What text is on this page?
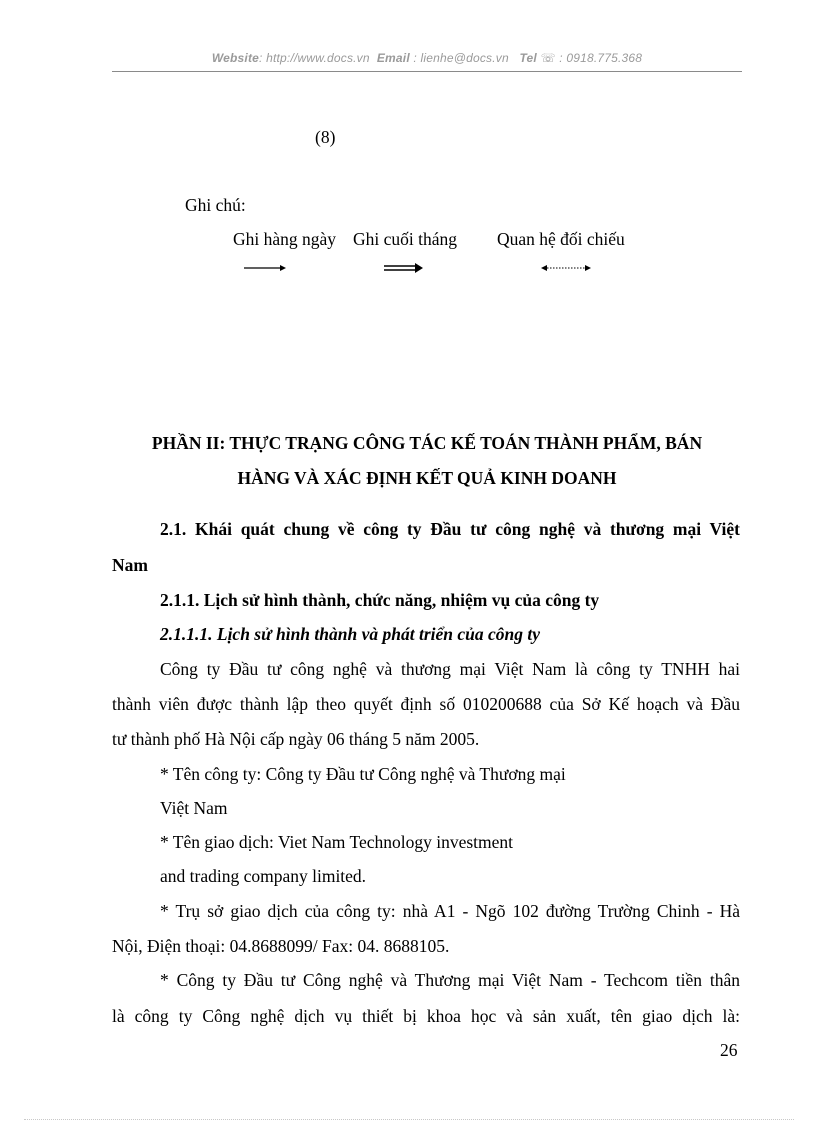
Website: http://www.docs.vn Email : lienhe@docs.vn Tel ☏ : 0918.775.368
(8)
Ghi chú:
Ghi hàng ngày Ghi cuối tháng Quan hệ đối chiếu
PHẦN II: THỰC TRẠNG CÔNG TÁC KẾ TOÁN THÀNH PHẨM, BÁN
HÀNG VÀ XÁC ĐỊNH KẾT QUẢ KINH DOANH
2.1. Khái quát chung về công ty Đầu tư công nghệ và thương mại Việt
Nam
2.1.1. Lịch sử hình thành, chức năng, nhiệm vụ của công ty
2.1.1.1. Lịch sử hình thành và phát triển của công ty
Công ty Đầu tư công nghệ và thương mại Việt Nam là công ty TNHH hai
thành viên được thành lập theo quyết định số 010200688 của Sở Kế hoạch và Đầu
tư thành phố Hà Nội cấp ngày 06 tháng 5 năm 2005.
* Tên công ty: Công ty Đầu tư Công nghệ và Thương mại
Việt Nam
* Tên giao dịch: Viet Nam Technology investment
and trading company limited.
* Trụ sở giao dịch của công ty: nhà A1 - Ngõ 102 đường Trường Chinh - Hà
Nội, Điện thoại: 04.8688099/ Fax: 04. 8688105.
* Công ty Đầu tư Công nghệ và Thương mại Việt Nam - Techcom tiền thân
là công ty Công nghệ dịch vụ thiết bị khoa học và sản xuất, tên giao dịch là:
26
